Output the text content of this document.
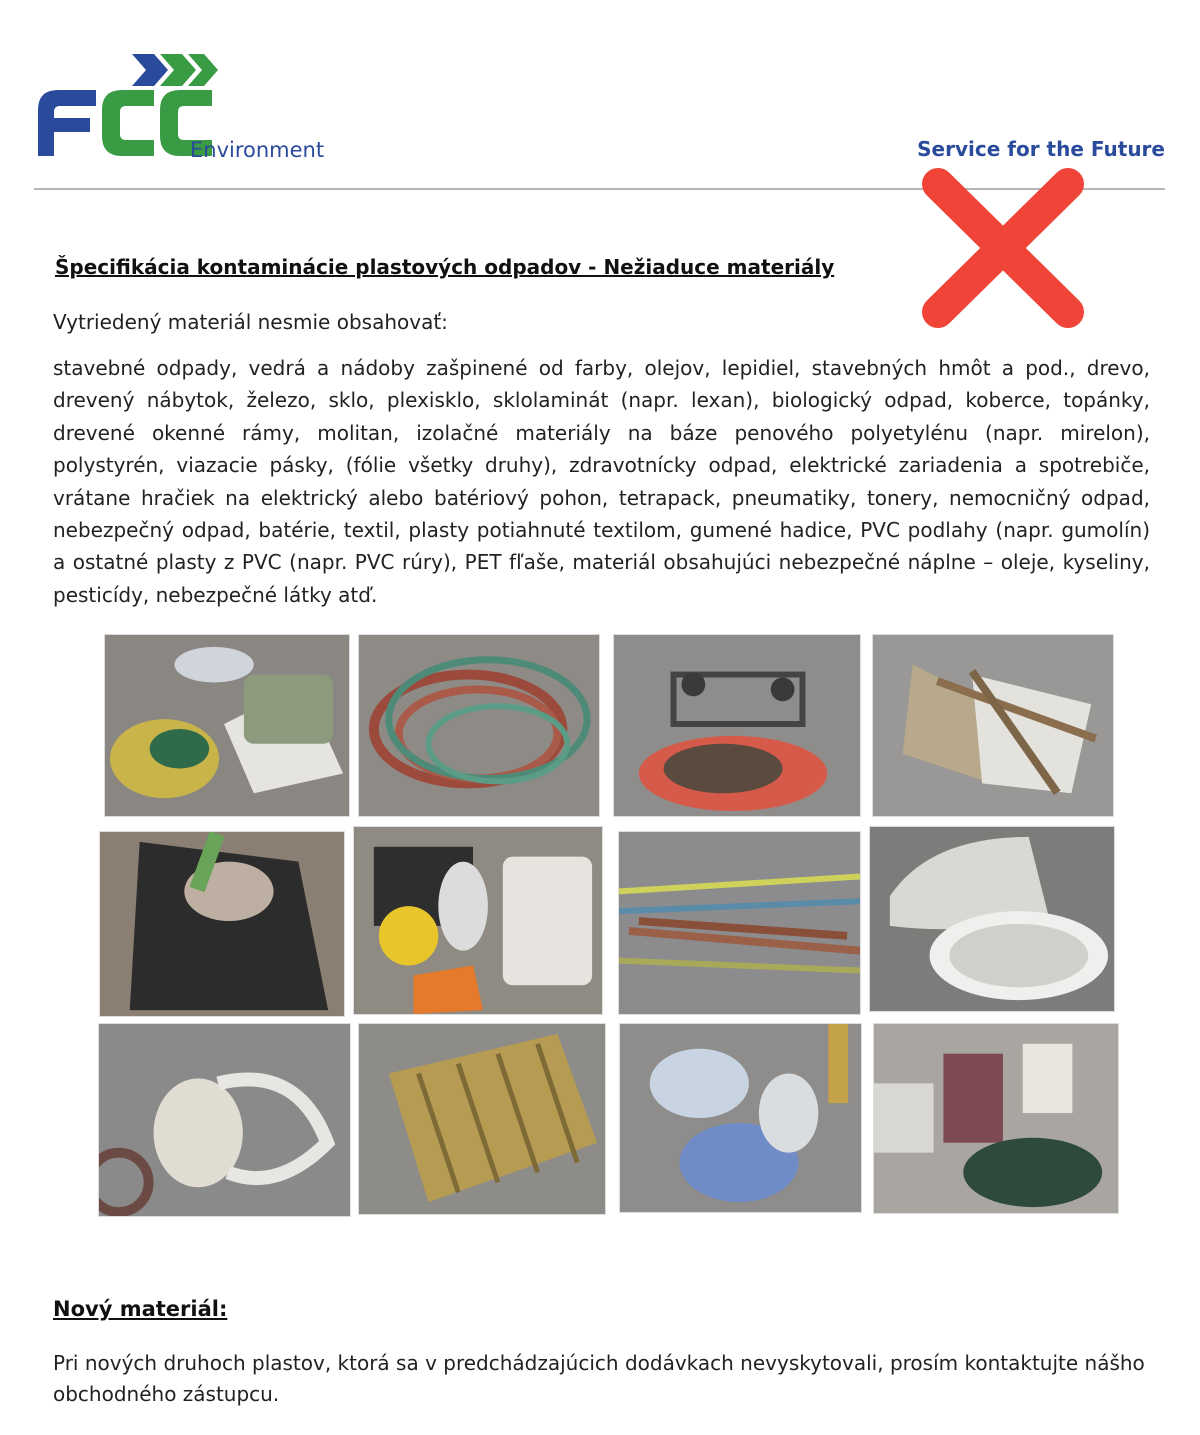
Environment	Service for the Future
Špecifikácia kontaminácie plastových odpadov - Nežiaduce materiály
Vytriedený materiál nesmie obsahovať:
stavebné odpady, vedrá a nádoby zašpinené od farby, olejov, lepidiel, stavebných hmôt a pod., drevo, drevený nábytok, železo, sklo, plexisklo, sklolaminát (napr. lexan), biologický odpad, koberce, topánky, drevené okenné rámy, molitan, izolačné materiály na báze penového polyetylénu (napr. mirelon), polystyrén, viazacie pásky, (fólie všetky druhy), zdravotnícky odpad, elektrické zariadenia a spotrebiče, vrátane hračiek na elektrický alebo batériový pohon, tetrapack, pneumatiky, tonery, nemocničný odpad, nebezpečný odpad, batérie, textil, plasty potiahnuté textilom, gumené hadice, PVC podlahy (napr. gumolín) a ostatné plasty z PVC (napr. PVC rúry), PET fľaše, materiál obsahujúci nebezpečné náplne – oleje, kyseliny, pesticídy, nebezpečné látky atď.
Nový materiál:
Pri nových druhoch plastov, ktorá sa v predchádzajúcich dodávkach nevyskytovali, prosím kontaktujte nášho obchodného zástupcu.
